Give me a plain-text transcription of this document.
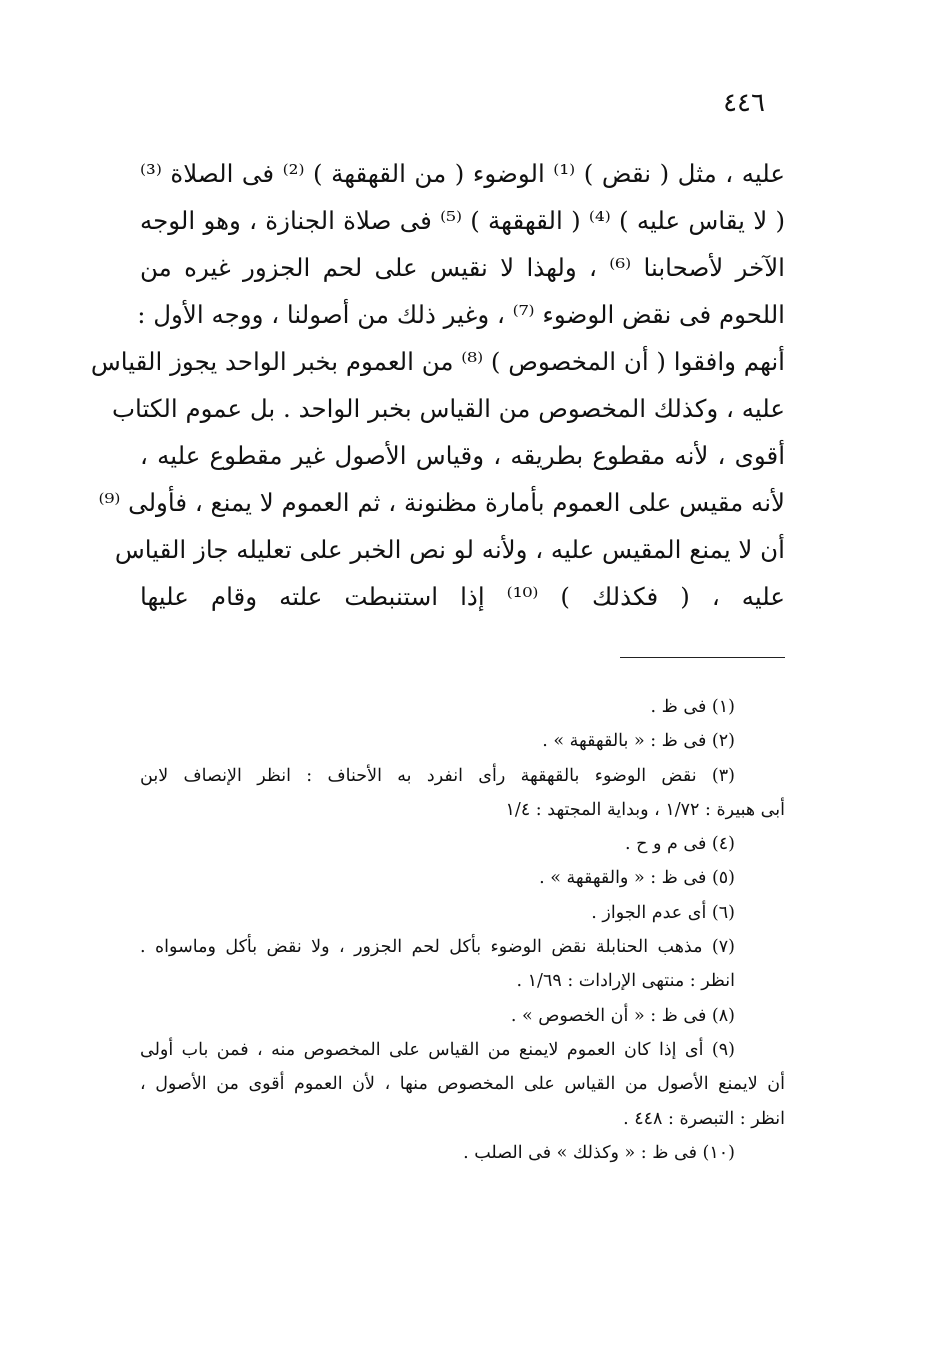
٤٤٦
عليه ، مثل ( نقض ) ⁽¹⁾ الوضوء ( من القهقهة ) ⁽²⁾ فى الصلاة ⁽³⁾
( لا يقاس عليه ) ⁽⁴⁾ ( القهقهة ) ⁽⁵⁾ فى صلاة الجنازة ، وهو الوجه
الآخر لأصحابنا ⁽⁶⁾ ، ولهذا لا نقيس على لحم الجزور غيره من
اللحوم فى نقض الوضوء ⁽⁷⁾ ، وغير ذلك من أصولنا ، ووجه الأول :
أنهم وافقوا ( أن المخصوص ) ⁽⁸⁾ من العموم بخبر الواحد يجوز القياس
عليه ، وكذلك المخصوص من القياس بخبر الواحد . بل عموم الكتاب
أقوى ، لأنه مقطوع بطريقه ، وقياس الأصول غير مقطوع عليه ،
لأنه مقيس على العموم بأمارة مظنونة ، ثم العموم لا يمنع ، فأولى ⁽⁹⁾
أن لا يمنع المقيس عليه ، ولأنه لو نص الخبر على تعليله جاز القياس
عليه ، ( فكذلك ) ⁽¹⁰⁾ إذا استنبطت علته وقام عليها
(١) فى ظ .
(٢) فى ظ : « بالقهقهة » .
(٣) نقض الوضوء بالقهقهة رأى انفرد به الأحناف : انظر الإنصاف لابن
أبى هبيرة : ١/٧٢ ، وبداية المجتهد : ١/٤
(٤) فى م و ح .
(٥) فى ظ : « والقهقهة » .
(٦) أى عدم الجواز .
(٧) مذهب الحنابلة نقض الوضوء بأكل لحم الجزور ، ولا نقض بأكل وماسواه .
انظر : منتهى الإرادات : ١/٦٩ .
(٨) فى ظ : « أن الخصوص » .
(٩) أى إذا كان العموم لايمنع من القياس على المخصوص منه ، فمن باب أولى
أن لايمنع الأصول من القياس على المخصوص منها ، لأن العموم أقوى من الأصول ،
انظر : التبصرة : ٤٤٨ .
(١٠) فى ظ : « وكذلك » فى الصلب .
